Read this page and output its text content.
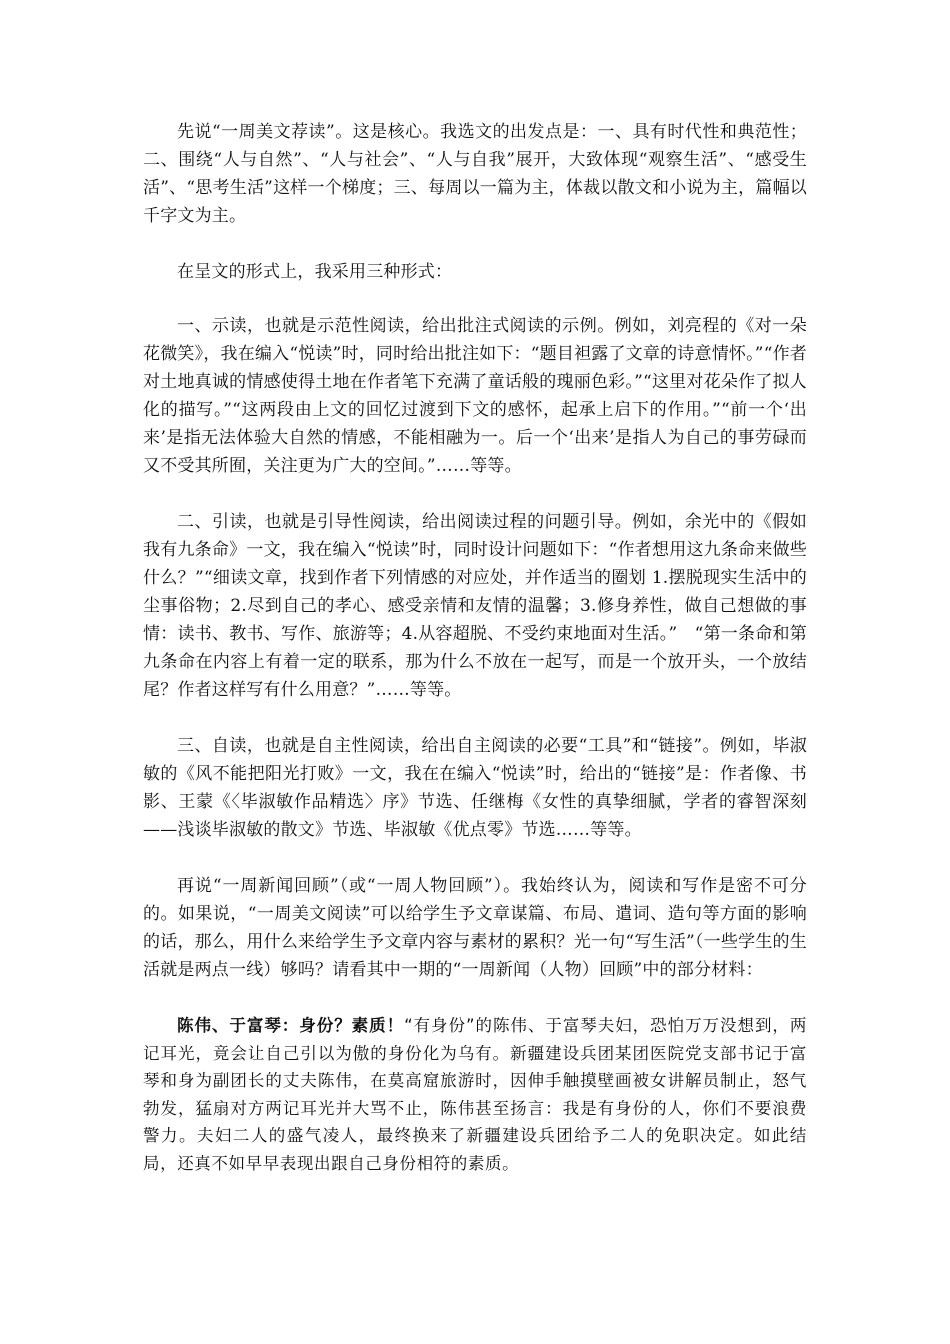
先说“一周美文荐读”。这是核心。我选文的出发点是：一、具有时代性和典范性；二、围绕“人与自然”、“人与社会”、“人与自我”展开，大致体现“观察生活”、“感受生活”、“思考生活”这样一个梯度；三、每周以一篇为主，体裁以散文和小说为主，篇幅以千字文为主。

在呈文的形式上，我采用三种形式：

一、示读，也就是示范性阅读，给出批注式阅读的示例。例如，刘亮程的《对一朵花微笑》，我在编入“悦读”时，同时给出批注如下：“题目袒露了文章的诗意情怀。”“作者对土地真诚的情感使得土地在作者笔下充满了童话般的瑰丽色彩。”“这里对花朵作了拟人化的描写。”“这两段由上文的回忆过渡到下文的感怀，起承上启下的作用。”“前一个‘出来’是指无法体验大自然的情感，不能相融为一。后一个‘出来’是指人为自己的事劳碌而又不受其所囿，关注更为广大的空间。”……等等。

二、引读，也就是引导性阅读，给出阅读过程的问题引导。例如，余光中的《假如我有九条命》一文，我在编入“悦读”时，同时设计问题如下：“作者想用这九条命来做些什么？”“细读文章，找到作者下列情感的对应处，并作适当的圈划 1.摆脱现实生活中的尘事俗物；2.尽到自己的孝心、感受亲情和友情的温馨；3.修身养性，做自己想做的事情：读书、教书、写作、旅游等；4.从容超脱、不受约束地面对生活。”　“第一条命和第九条命在内容上有着一定的联系，那为什么不放在一起写，而是一个放开头，一个放结尾？作者这样写有什么用意？”……等等。

三、自读，也就是自主性阅读，给出自主阅读的必要“工具”和“链接”。例如，毕淑敏的《风不能把阳光打败》一文，我在在编入“悦读”时，给出的“链接”是：作者像、书影、王蒙《〈毕淑敏作品精选〉序》节选、任继梅《女性的真挚细腻，学者的睿智深刻——浅谈毕淑敏的散文》节选、毕淑敏《优点零》节选……等等。

再说“一周新闻回顾”（或“一周人物回顾”）。我始终认为，阅读和写作是密不可分的。如果说，“一周美文阅读”可以给学生予文章谋篇、布局、遣词、造句等方面的影响的话，那么，用什么来给学生予文章内容与素材的累积？光一句“写生活”（一些学生的生活就是两点一线）够吗？请看其中一期的“一周新闻（人物）回顾”中的部分材料：

陈伟、于富琴：身份？素质！“有身份”的陈伟、于富琴夫妇，恐怕万万没想到，两记耳光，竟会让自己引以为傲的身份化为乌有。新疆建设兵团某团医院党支部书记于富琴和身为副团长的丈夫陈伟，在莫高窟旅游时，因伸手触摸壁画被女讲解员制止，怒气勃发，猛扇对方两记耳光并大骂不止，陈伟甚至扬言：我是有身份的人，你们不要浪费警力。夫妇二人的盛气凌人，最终换来了新疆建设兵团给予二人的免职决定。如此结局，还真不如早早表现出跟自己身份相符的素质。
